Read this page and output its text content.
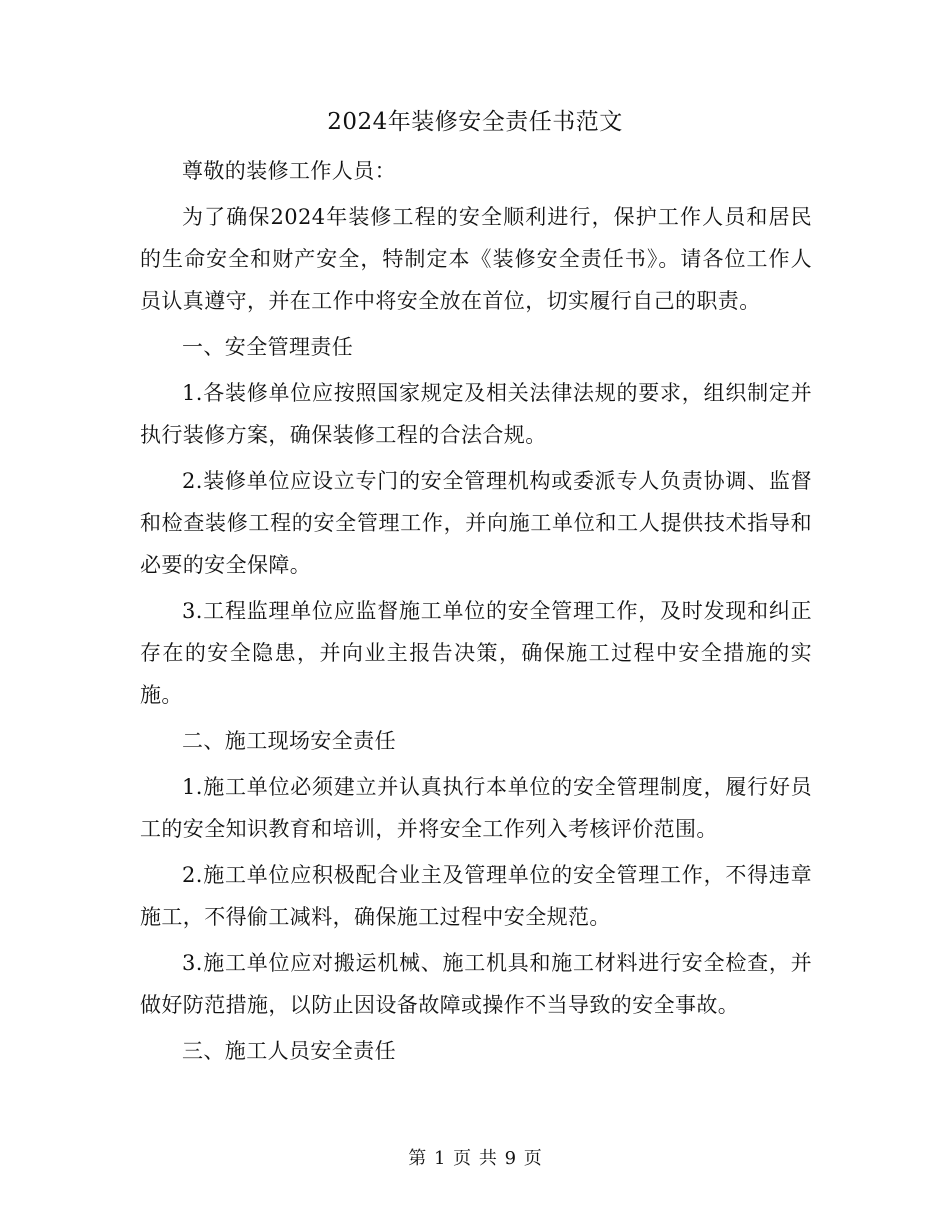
2024年装修安全责任书范文

尊敬的装修工作人员：

为了确保2024年装修工程的安全顺利进行，保护工作人员和居民的生命安全和财产安全，特制定本《装修安全责任书》。请各位工作人员认真遵守，并在工作中将安全放在首位，切实履行自己的职责。

一、安全管理责任

1.各装修单位应按照国家规定及相关法律法规的要求，组织制定并执行装修方案，确保装修工程的合法合规。

2.装修单位应设立专门的安全管理机构或委派专人负责协调、监督和检查装修工程的安全管理工作，并向施工单位和工人提供技术指导和必要的安全保障。

3.工程监理单位应监督施工单位的安全管理工作，及时发现和纠正存在的安全隐患，并向业主报告决策，确保施工过程中安全措施的实施。

二、施工现场安全责任

1.施工单位必须建立并认真执行本单位的安全管理制度，履行好员工的安全知识教育和培训，并将安全工作列入考核评价范围。

2.施工单位应积极配合业主及管理单位的安全管理工作，不得违章施工，不得偷工减料，确保施工过程中安全规范。

3.施工单位应对搬运机械、施工机具和施工材料进行安全检查，并做好防范措施，以防止因设备故障或操作不当导致的安全事故。

三、施工人员安全责任

第 1 页 共 9 页
